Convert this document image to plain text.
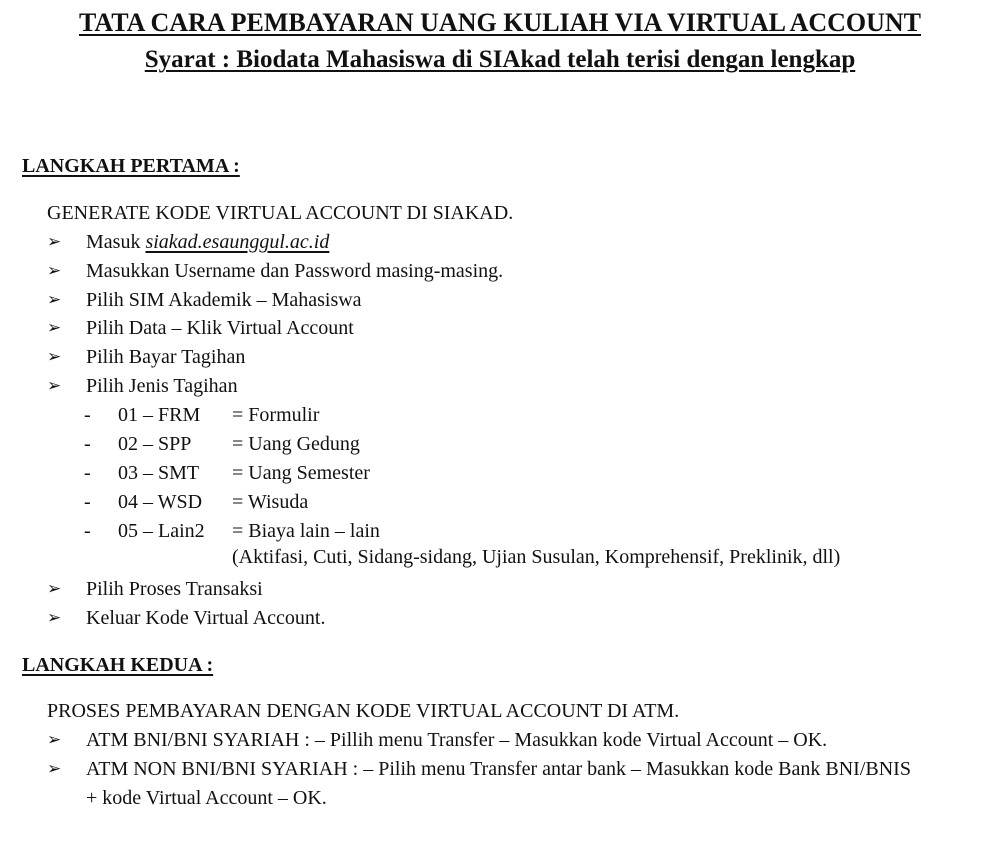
TATA CARA PEMBAYARAN UANG KULIAH VIA VIRTUAL ACCOUNT
Syarat : Biodata Mahasiswa di SIAkad telah terisi dengan lengkap

LANGKAH PERTAMA :

GENERATE KODE VIRTUAL ACCOUNT DI SIAKAD.

➢ Masuk siakad.esaunggul.ac.id
➢ Masukkan Username dan Password masing-masing.
➢ Pilih SIM Akademik – Mahasiswa
➢ Pilih Data – Klik Virtual Account
➢ Pilih Bayar Tagihan
➢ Pilih Jenis Tagihan
- 01 – FRM = Formulir
- 02 – SPP = Uang Gedung
- 03 – SMT = Uang Semester
- 04 – WSD = Wisuda
- 05 – Lain2 = Biaya lain – lain

(Aktifasi, Cuti, Sidang-sidang, Ujian Susulan, Komprehensif, Preklinik, dll)

➢ Pilih Proses Transaksi
➢ Keluar Kode Virtual Account.

LANGKAH KEDUA :

PROSES PEMBAYARAN DENGAN KODE VIRTUAL ACCOUNT DI ATM.

➢ ATM BNI/BNI SYARIAH : – Pillih menu Transfer – Masukkan kode Virtual Account – OK.
➢ ATM NON BNI/BNI SYARIAH : – Pilih menu Transfer antar bank – Masukkan kode Bank BNI/BNIS + kode Virtual Account – OK.
